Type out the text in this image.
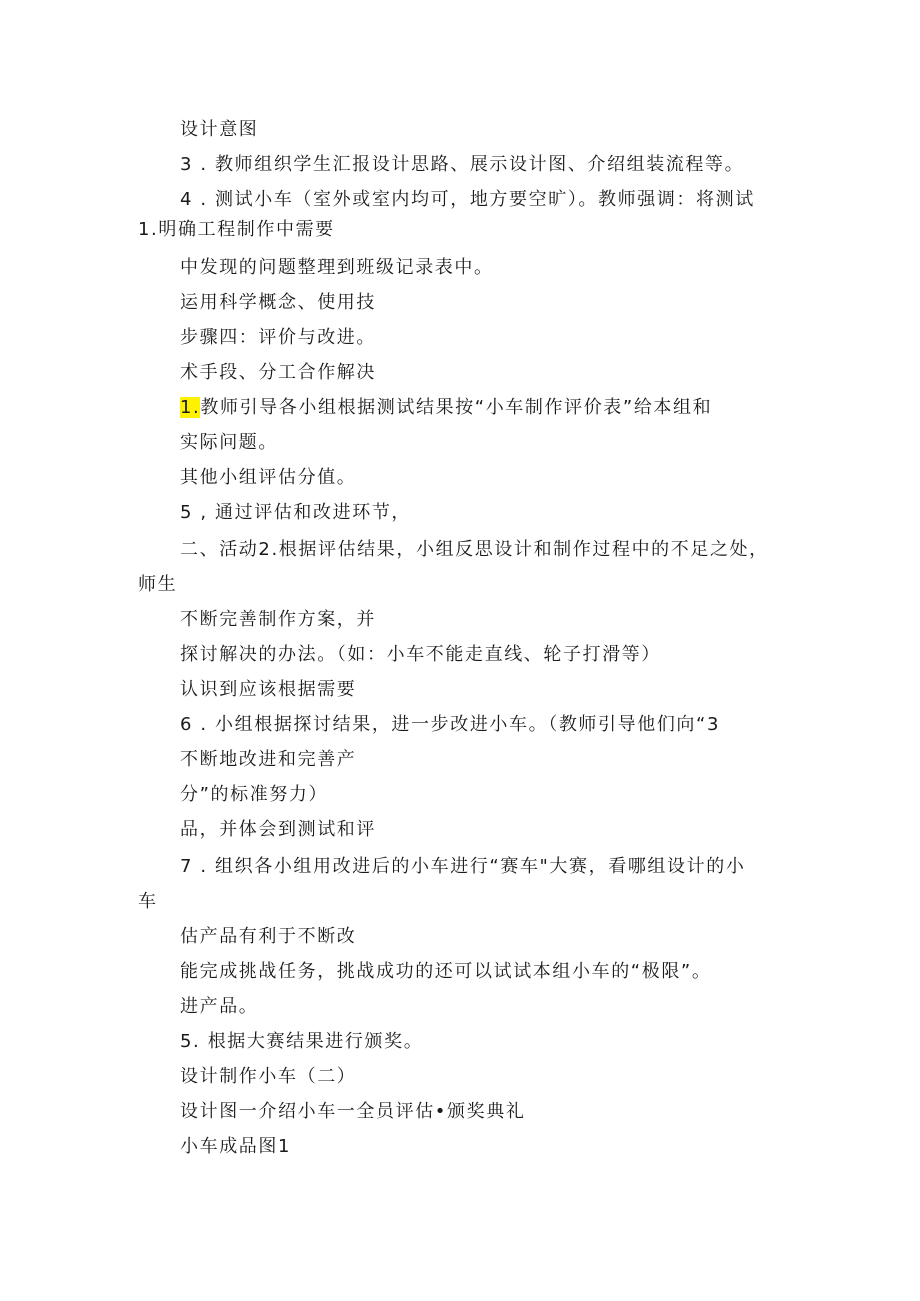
设计意图
3 . 教师组织学生汇报设计思路、展示设计图、介绍组装流程等。
4 . 测试小车（室外或室内均可，地方要空旷）。教师强调：将测试
1.明确工程制作中需要
中发现的问题整理到班级记录表中。
运用科学概念、使用技
步骤四：评价与改进。
术手段、分工合作解决
1.教师引导各小组根据测试结果按“小车制作评价表”给本组和
实际问题。
其他小组评估分值。
5 , 通过评估和改进环节，
二、活动2.根据评估结果，小组反思设计和制作过程中的不足之处，
师生
不断完善制作方案，并
探讨解决的办法。（如：小车不能走直线、轮子打滑等）
认识到应该根据需要
6 . 小组根据探讨结果，进一步改进小车。（教师引导他们向“3
不断地改进和完善产
分”的标准努力）
品，并体会到测试和评
7 . 组织各小组用改进后的小车进行“赛车"大赛，看哪组设计的小
车
估产品有利于不断改
能完成挑战任务，挑战成功的还可以试试本组小车的“极限”。
进产品。
5. 根据大赛结果进行颁奖。
设计制作小车（二）
设计图一介绍小车一全员评估•颁奖典礼
小车成品图1
